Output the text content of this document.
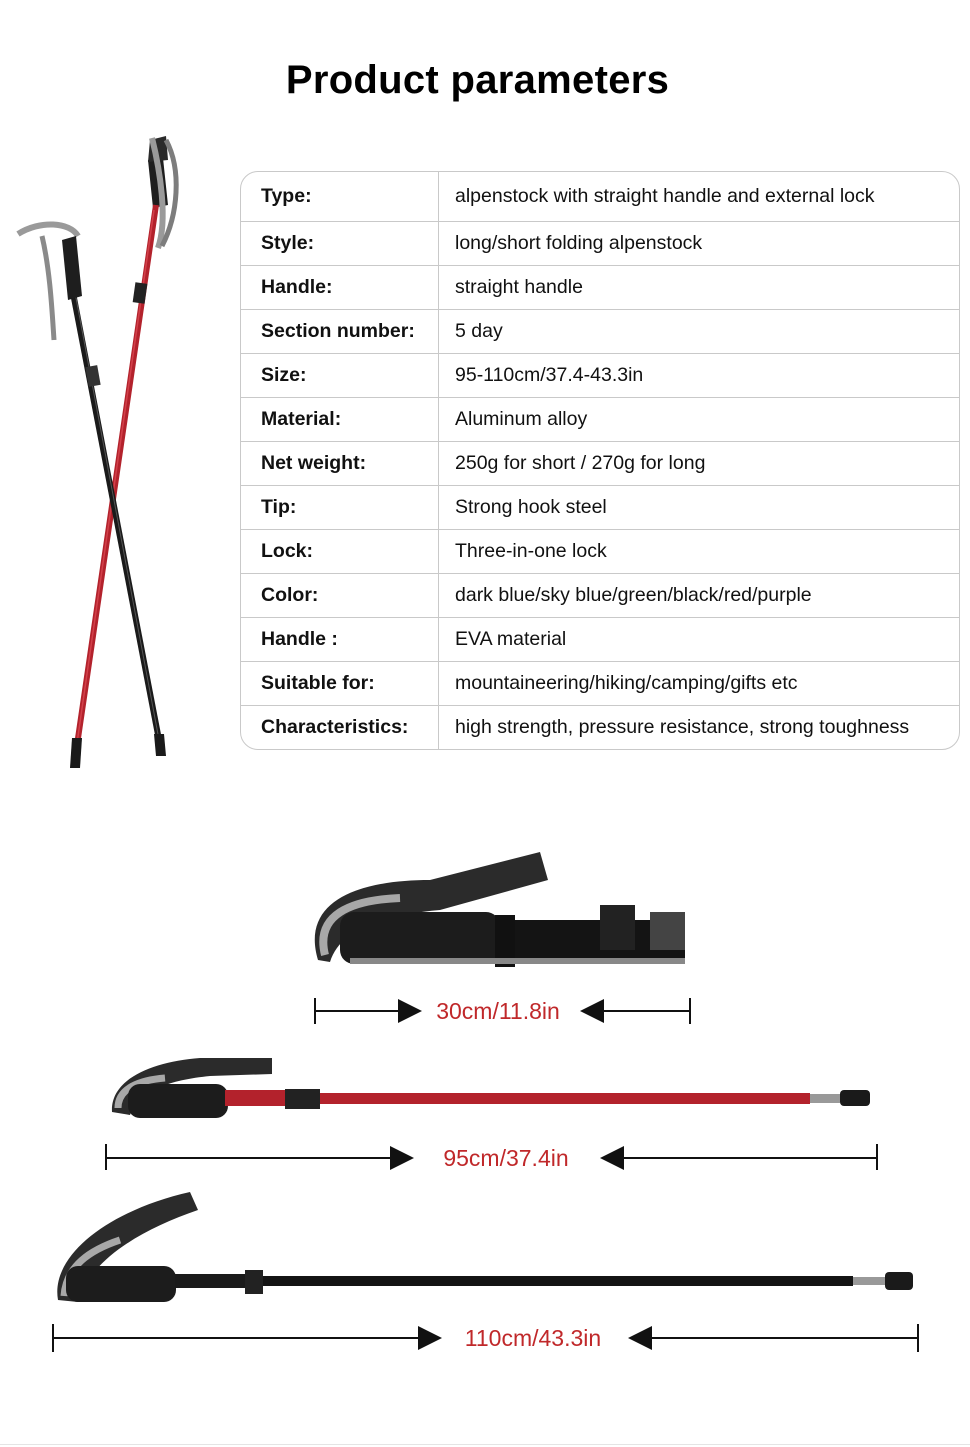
Product parameters
Type:	alpenstock with straight handle and external lock
Style:	long/short folding alpenstock
Handle:	straight handle
Section number:	5 day
Size:	95-110cm/37.4-43.3in
Material:	Aluminum alloy
Net weight:	250g for short / 270g for long
Tip:	Strong hook steel
Lock:	Three-in-one lock
Color:	dark blue/sky blue/green/black/red/purple
Handle :	EVA material
Suitable for:	mountaineering/hiking/camping/gifts etc
Characteristics:	high strength, pressure resistance, strong toughness
30cm/11.8in
95cm/37.4in
110cm/43.3in
